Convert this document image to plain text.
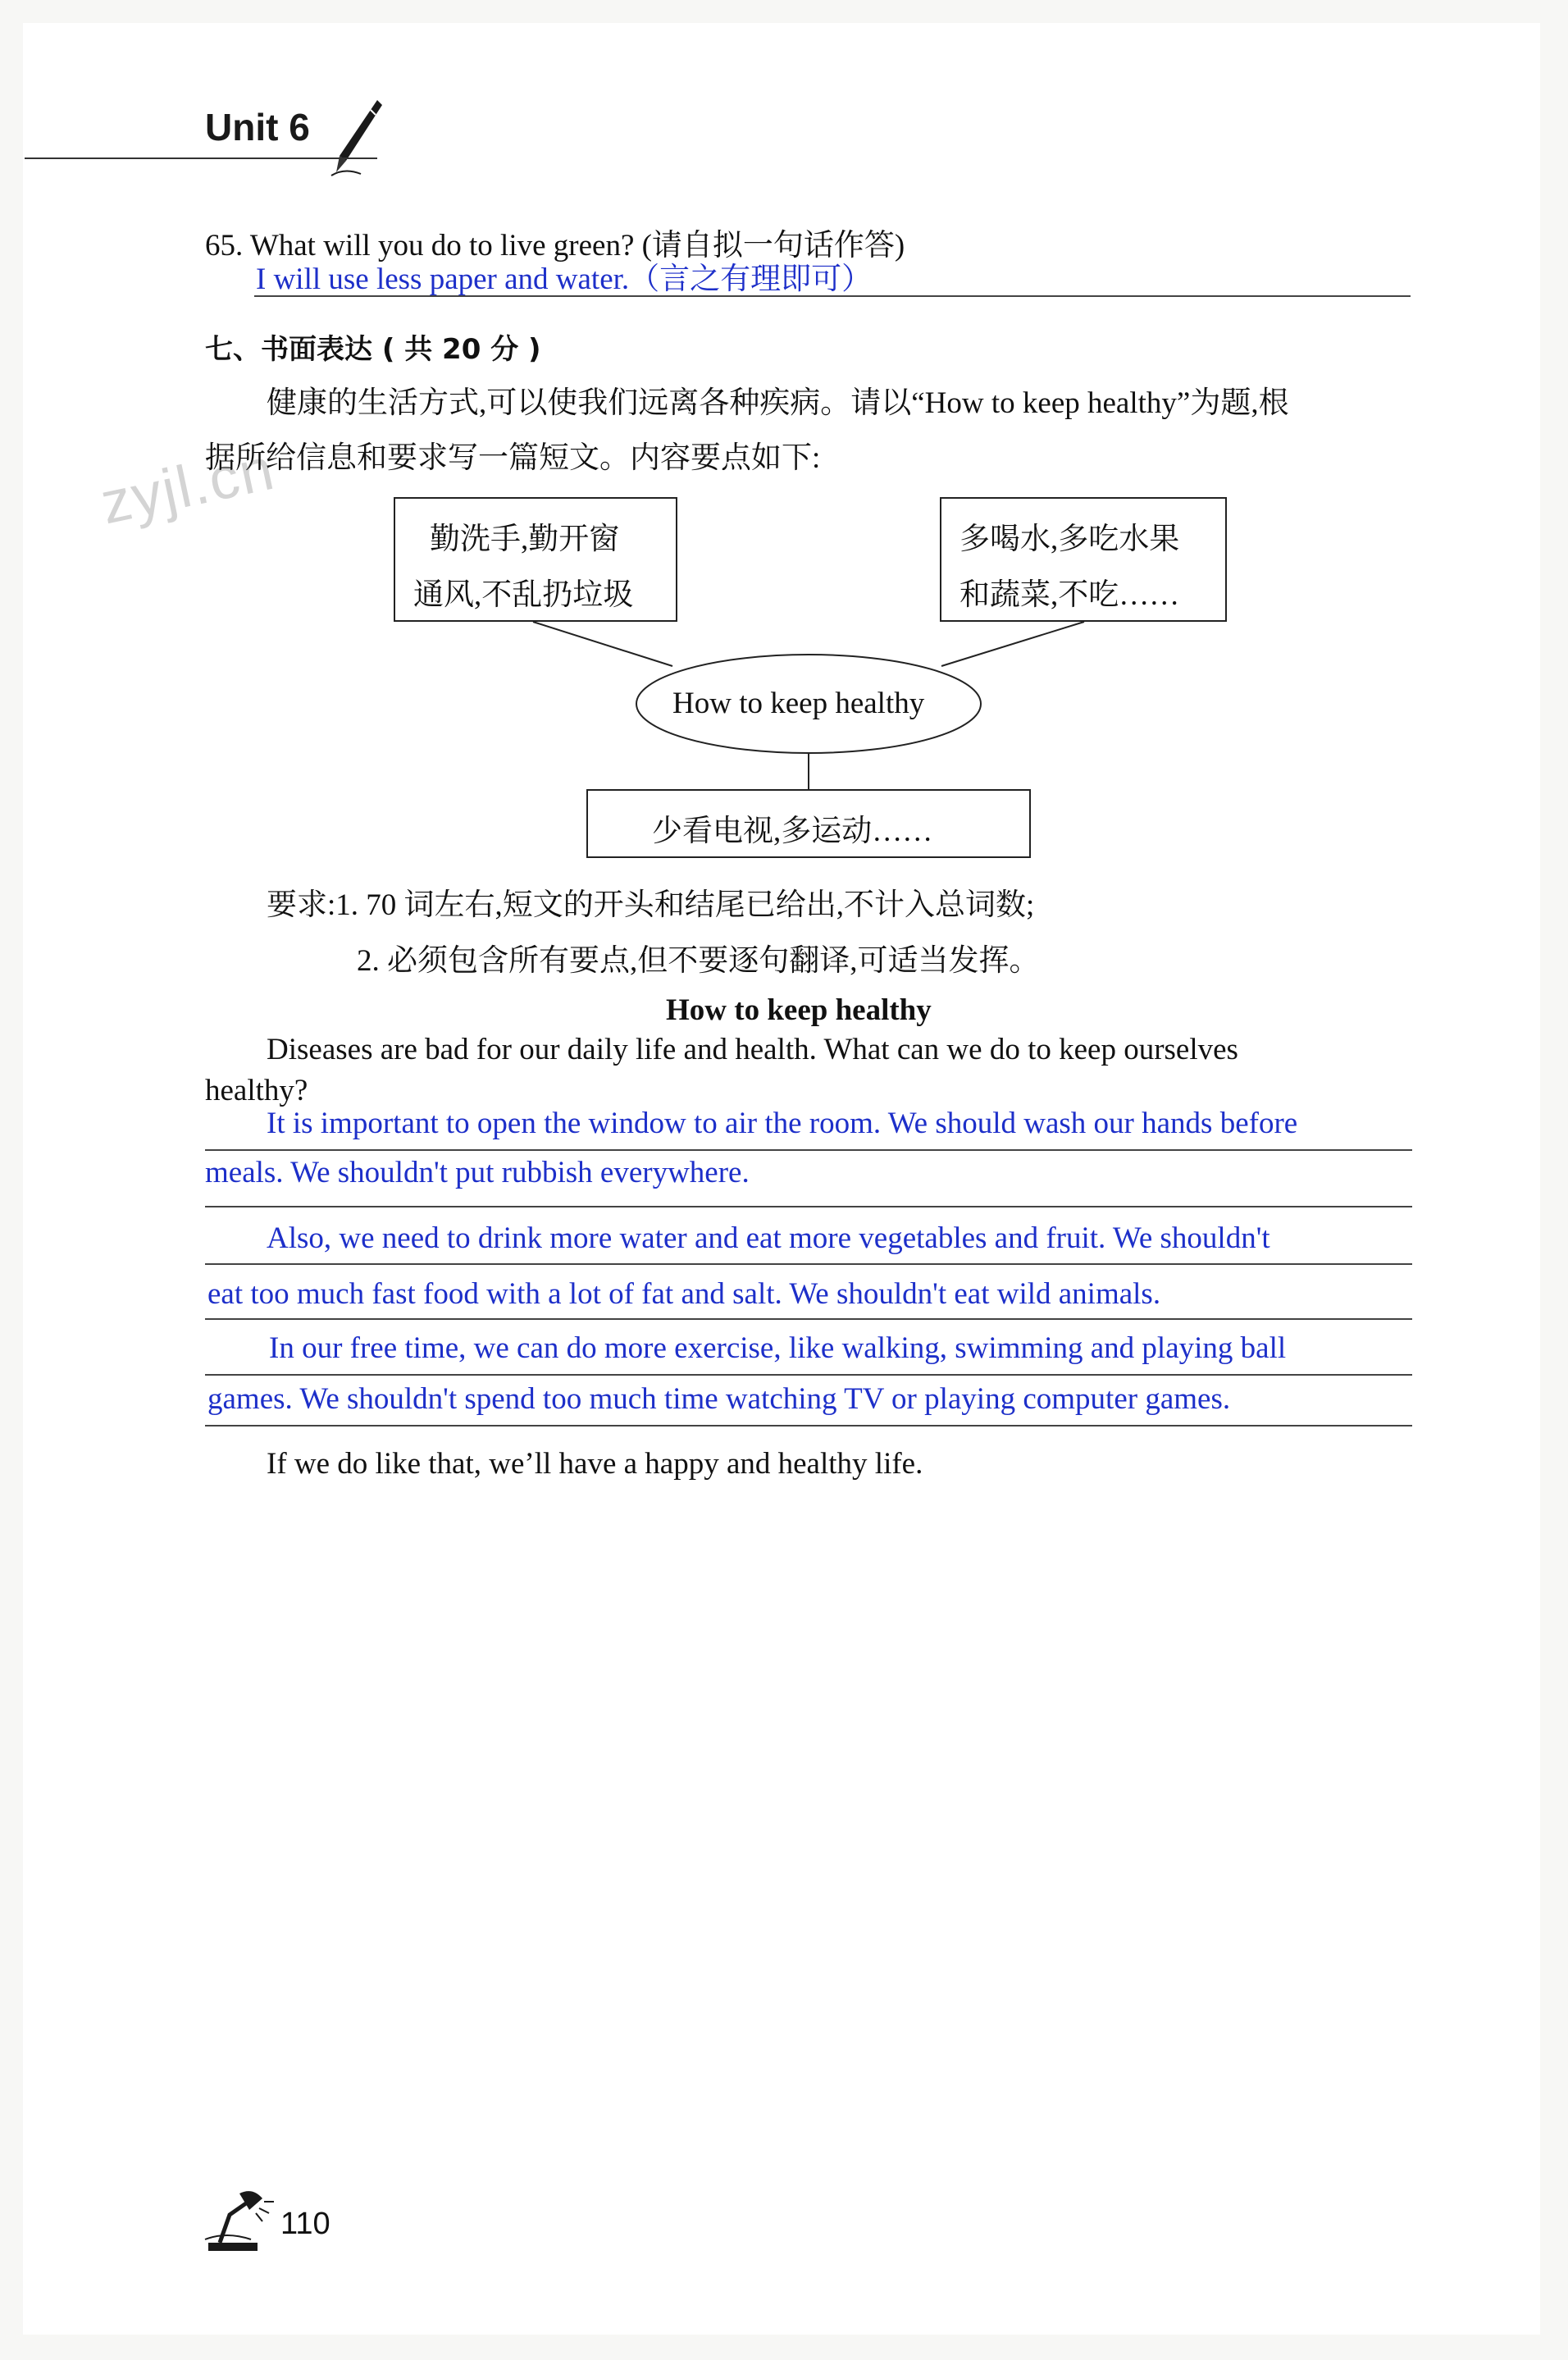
Unit 6
zyjl.cn
65. What will you do to live green? (请自拟一句话作答)
I will use less paper and water.（言之有理即可）
七、书面表达 ( 共 20 分 )
健康的生活方式,可以使我们远离各种疾病。请以“How to keep healthy”为题,根
据所给信息和要求写一篇短文。内容要点如下:
How to keep healthy
勤洗手,勤开窗
通风,不乱扔垃圾
多喝水,多吃水果
和蔬菜,不吃……
少看电视,多运动……
要求:1. 70 词左右,短文的开头和结尾已给出,不计入总词数;
2. 必须包含所有要点,但不要逐句翻译,可适当发挥。
How to keep healthy
Diseases are bad for our daily life and health. What can we do to keep ourselves
healthy?
It is important to open the window to air the room. We should wash our hands before
meals. We shouldn't put rubbish everywhere.
Also, we need to drink more water and eat more vegetables and fruit. We shouldn't
eat too much fast food with a lot of fat and salt. We shouldn't eat wild animals.
In our free time, we can do more exercise, like walking, swimming and playing ball
games. We shouldn't spend too much time watching TV or playing computer games.
If we do like that, we’ll have a happy and healthy life.
110
